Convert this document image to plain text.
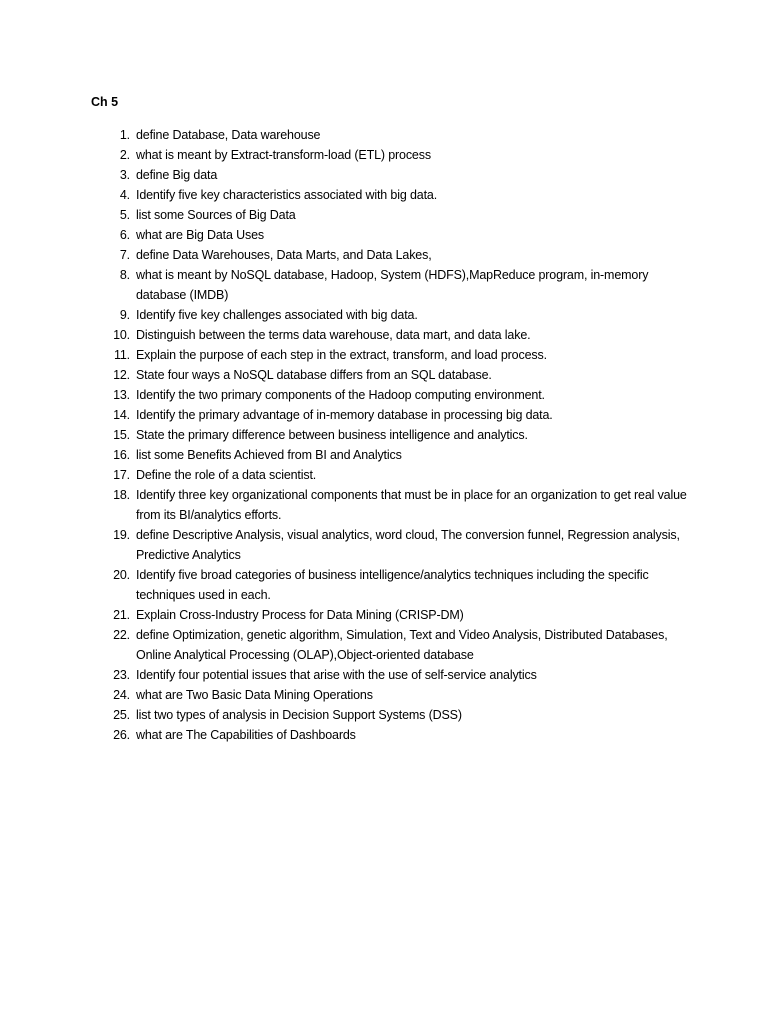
Ch 5
1. define Database, Data warehouse
2. what is meant by Extract-transform-load (ETL) process
3. define Big data
4. Identify five key characteristics associated with big data.
5. list some Sources of Big Data
6. what are Big Data Uses
7. define Data Warehouses, Data Marts, and Data Lakes,
8. what is meant by NoSQL database, Hadoop, System (HDFS),MapReduce program, in-memory database (IMDB)
9. Identify five key challenges associated with big data.
10. Distinguish between the terms data warehouse, data mart, and data lake.
11. Explain the purpose of each step in the extract, transform, and load process.
12. State four ways a NoSQL database differs from an SQL database.
13. Identify the two primary components of the Hadoop computing environment.
14. Identify the primary advantage of in-memory database in processing big data.
15. State the primary difference between business intelligence and analytics.
16. list some Benefits Achieved from BI and Analytics
17. Define the role of a data scientist.
18. Identify three key organizational components that must be in place for an organization to get real value from its BI/analytics efforts.
19. define Descriptive Analysis, visual analytics, word cloud, The conversion funnel, Regression analysis, Predictive Analytics
20. Identify five broad categories of business intelligence/analytics techniques including the specific techniques used in each.
21. Explain Cross-Industry Process for Data Mining (CRISP-DM)
22. define Optimization, genetic algorithm, Simulation, Text and Video Analysis, Distributed Databases, Online Analytical Processing (OLAP),Object-oriented database
23. Identify four potential issues that arise with the use of self-service analytics
24. what are Two Basic Data Mining Operations
25. list two types of analysis in Decision Support Systems (DSS)
26. what are The Capabilities of Dashboards
